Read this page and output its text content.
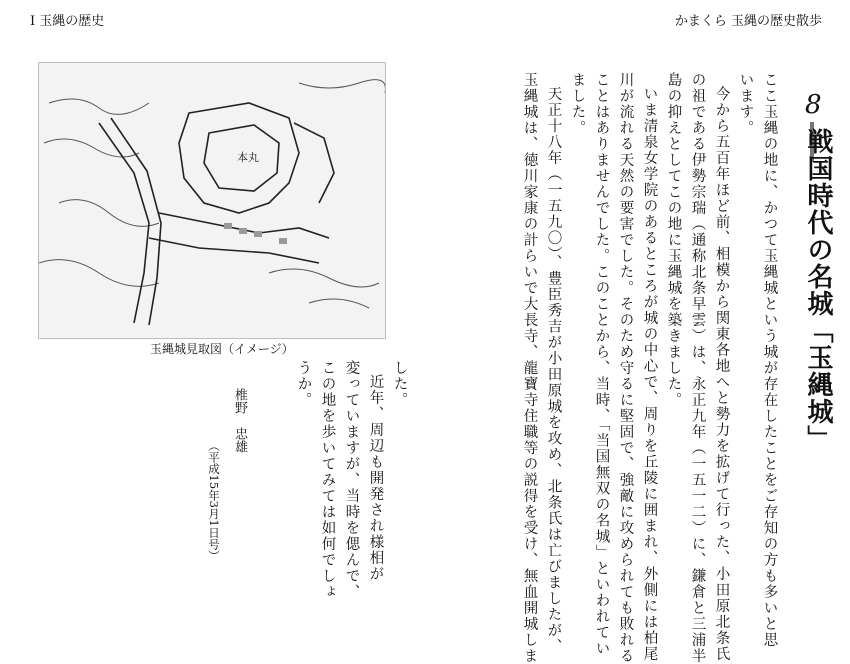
Ⅰ 玉縄の歴史	かまくら 玉縄の歴史散歩
本丸
玉縄城見取図（イメージ）
8
戦国時代の名城「玉縄城」
ここ玉縄の地に、かつて玉縄城という城が存在したことをご存知の方も多いと思
います。
今から五百年ほど前、相模から関東各地へと勢力を拡げて行った、小田原北条氏
の祖である伊勢宗瑞（通称北条早雲）は、永正九年（一五一二）に、鎌倉と三浦半
島の抑えとしてこの地に玉縄城を築きました。
いま清泉女学院のあるところが城の中心で、周りを丘陵に囲まれ、外側には柏尾
川が流れる天然の要害でした。そのため守るに堅固で、強敵に攻められても敗れる
ことはありませんでした。このことから、当時、「当国無双の名城」といわれてい
ました。
天正十八年（一五九〇）、豊臣秀吉が小田原城を攻め、北条氏は亡びましたが、
玉縄城は、徳川家康の計らいで大長寺、龍寶寺住職等の説得を受け、無血開城しま
した。
近年、周辺も開発され様相が
変っていますが、当時を偲んで、
この地を歩いてみては如何でしょ
うか。
椎野　忠雄
（平成15年3月1日号）
